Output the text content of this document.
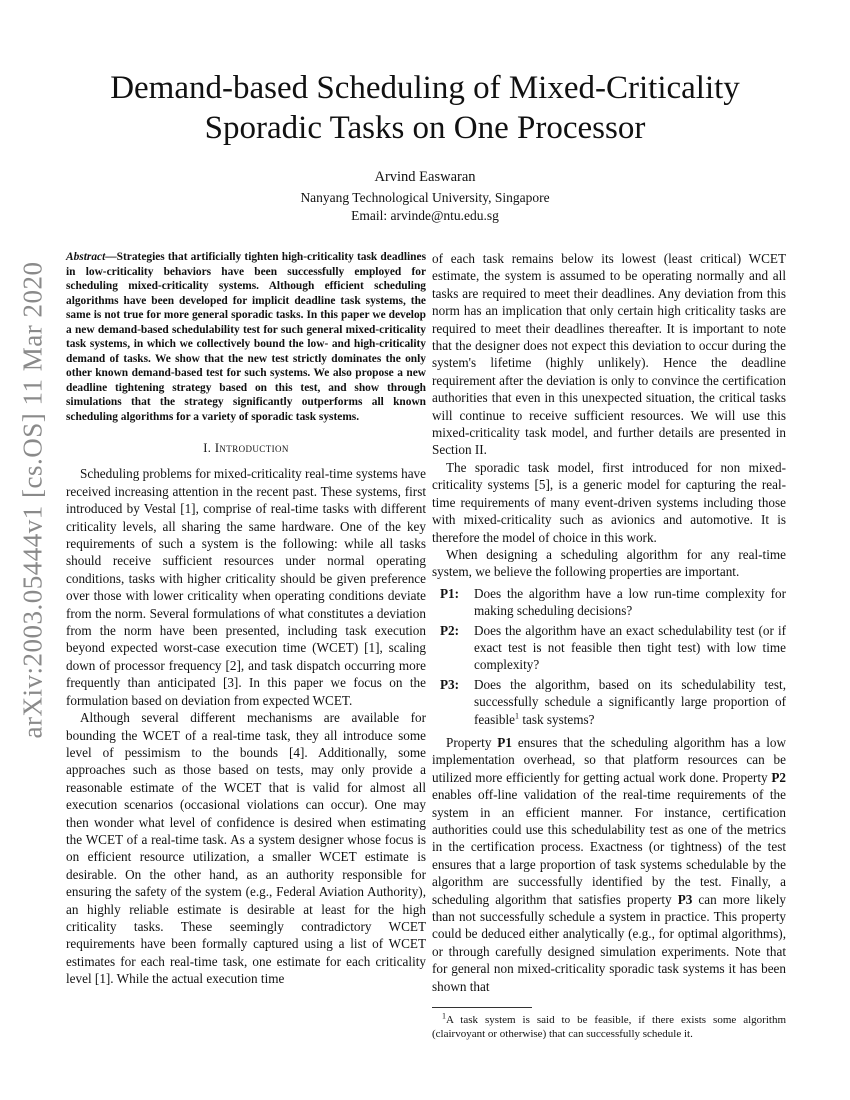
arXiv:2003.05444v1 [cs.OS] 11 Mar 2020
Demand-based Scheduling of Mixed-Criticality
Sporadic Tasks on One Processor
Arvind Easwaran
Nanyang Technological University, Singapore
Email: arvinde@ntu.edu.sg

Abstract—Strategies that artificially tighten high-criticality task deadlines in low-criticality behaviors have been successfully employed for scheduling mixed-criticality systems. Although efficient scheduling algorithms have been developed for implicit deadline task systems, the same is not true for more general sporadic tasks. In this paper we develop a new demand-based schedulability test for such general mixed-criticality task systems, in which we collectively bound the low- and high-criticality demand of tasks. We show that the new test strictly dominates the only other known demand-based test for such systems. We also propose a new deadline tightening strategy based on this test, and show through simulations that the strategy significantly outperforms all known scheduling algorithms for a variety of sporadic task systems.

I. Introduction

Scheduling problems for mixed-criticality real-time systems have received increasing attention in the recent past. These systems, first introduced by Vestal [1], comprise of real-time tasks with different criticality levels, all sharing the same hardware. One of the key requirements of such a system is the following: while all tasks should receive sufficient resources under normal operating conditions, tasks with higher criticality should be given preference over those with lower criticality when operating conditions deviate from the norm. Several formulations of what constitutes a deviation from the norm have been presented, including task execution beyond expected worst-case execution time (WCET) [1], scaling down of processor frequency [2], and task dispatch occurring more frequently than anticipated [3]. In this paper we focus on the formulation based on deviation from expected WCET.

Although several different mechanisms are available for bounding the WCET of a real-time task, they all introduce some level of pessimism to the bounds [4]. Additionally, some approaches such as those based on tests, may only provide a reasonable estimate of the WCET that is valid for almost all execution scenarios (occasional violations can occur). One may then wonder what level of confidence is desired when estimating the WCET of a real-time task. As a system designer whose focus is on efficient resource utilization, a smaller WCET estimate is desirable. On the other hand, as an authority responsible for ensuring the safety of the system (e.g., Federal Aviation Authority), an highly reliable estimate is desirable at least for the high criticality tasks. These seemingly contradictory WCET requirements have been formally captured using a list of WCET estimates for each real-time task, one estimate for each criticality level [1]. While the actual execution time

of each task remains below its lowest (least critical) WCET estimate, the system is assumed to be operating normally and all tasks are required to meet their deadlines. Any deviation from this norm has an implication that only certain high criticality tasks are required to meet their deadlines thereafter. It is important to note that the designer does not expect this deviation to occur during the system's lifetime (highly unlikely). Hence the deadline requirement after the deviation is only to convince the certification authorities that even in this unexpected situation, the critical tasks will continue to receive sufficient resources. We will use this mixed-criticality task model, and further details are presented in Section II.

The sporadic task model, first introduced for non mixed-criticality systems [5], is a generic model for capturing the real-time requirements of many event-driven systems including those with mixed-criticality such as avionics and automotive. It is therefore the model of choice in this work.

When designing a scheduling algorithm for any real-time system, we believe the following properties are important.

P1:	Does the algorithm have a low run-time complexity for making scheduling decisions?
P2:	Does the algorithm have an exact schedulability test (or if exact test is not feasible then tight test) with low time complexity?
P3:	Does the algorithm, based on its schedulability test, successfully schedule a significantly large proportion of feasible$^1$ task systems?

Property P1 ensures that the scheduling algorithm has a low implementation overhead, so that platform resources can be utilized more efficiently for getting actual work done. Property P2 enables off-line validation of the real-time requirements of the system in an efficient manner. For instance, certification authorities could use this schedulability test as one of the metrics in the certification process. Exactness (or tightness) of the test ensures that a large proportion of task systems schedulable by the algorithm are successfully identified by the test. Finally, a scheduling algorithm that satisfies property P3 can more likely than not successfully schedule a system in practice. This property could be deduced either analytically (e.g., for optimal algorithms), or through carefully designed simulation experiments. Note that for general non mixed-criticality sporadic task systems it has been shown that

$^1$A task system is said to be feasible, if there exists some algorithm (clairvoyant or otherwise) that can successfully schedule it.
